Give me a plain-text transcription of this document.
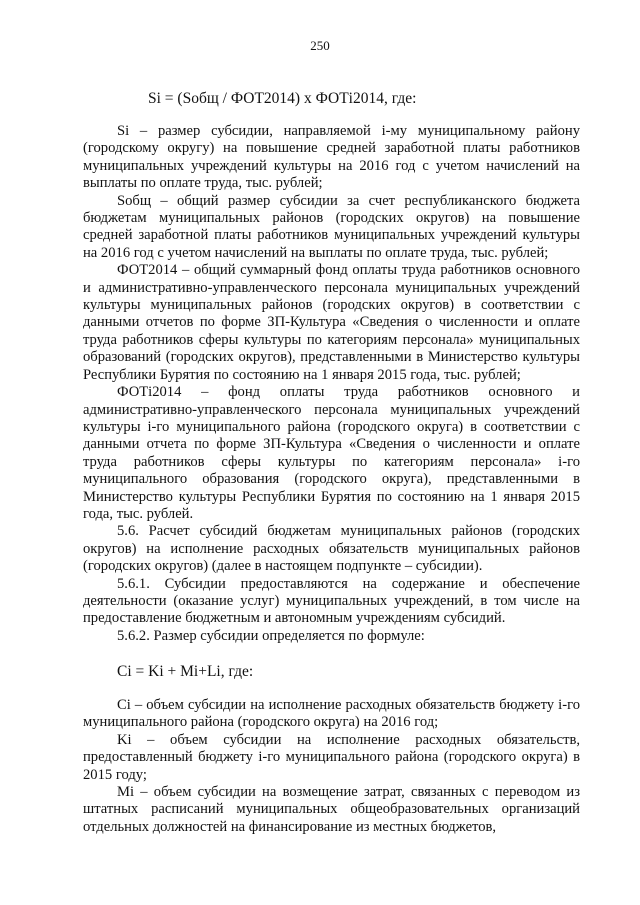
250
Si = (Sобщ / ФОТ2014) х ФОТi2014, где:

Si – размер субсидии, направляемой i-му муниципальному району (городскому округу) на повышение средней заработной платы работников муниципальных учреждений культуры на 2016 год с учетом начислений на выплаты по оплате труда, тыс. рублей;

Sобщ – общий размер субсидии за счет республиканского бюджета бюджетам муниципальных районов (городских округов) на повышение средней заработной платы работников муниципальных учреждений культуры на 2016 год с учетом начислений на выплаты по оплате труда, тыс. рублей;

ФОТ2014 – общий суммарный фонд оплаты труда работников основного и административно-управленческого персонала муниципальных учреждений культуры муниципальных районов (городских округов) в соответствии с данными отчетов по форме ЗП-Культура «Сведения о численности и оплате труда работников сферы культуры по категориям персонала» муниципальных образований (городских округов), представленными в Министерство культуры Республики Бурятия по состоянию на 1 января 2015 года, тыс. рублей;

ФОТi2014 – фонд оплаты труда работников основного и административно-управленческого персонала муниципальных учреждений культуры i-го муниципального района (городского округа) в соответствии с данными отчета по форме ЗП-Культура «Сведения о численности и оплате труда работников сферы культуры по категориям персонала» i-го муниципального образования (городского округа), представленными в Министерство культуры Республики Бурятия по состоянию на 1 января 2015 года, тыс. рублей.

5.6. Расчет субсидий бюджетам муниципальных районов (городских округов) на исполнение расходных обязательств муниципальных районов (городских округов) (далее в настоящем подпункте – субсидии).

5.6.1. Субсидии предоставляются на содержание и обеспечение деятельности (оказание услуг) муниципальных учреждений, в том числе на предоставление бюджетным и автономным учреждениям субсидий.

5.6.2. Размер субсидии определяется по формуле:

Ci = Ki + Mi+Li, где:

Ci – объем субсидии на исполнение расходных обязательств бюджету i-го муниципального района (городского округа) на 2016 год;

Ki – объем субсидии на исполнение расходных обязательств, предоставленный бюджету i-го муниципального района (городского округа) в 2015 году;

Mi – объем субсидии на возмещение затрат, связанных с переводом из штатных расписаний муниципальных общеобразовательных организаций отдельных должностей на финансирование из местных бюджетов,
